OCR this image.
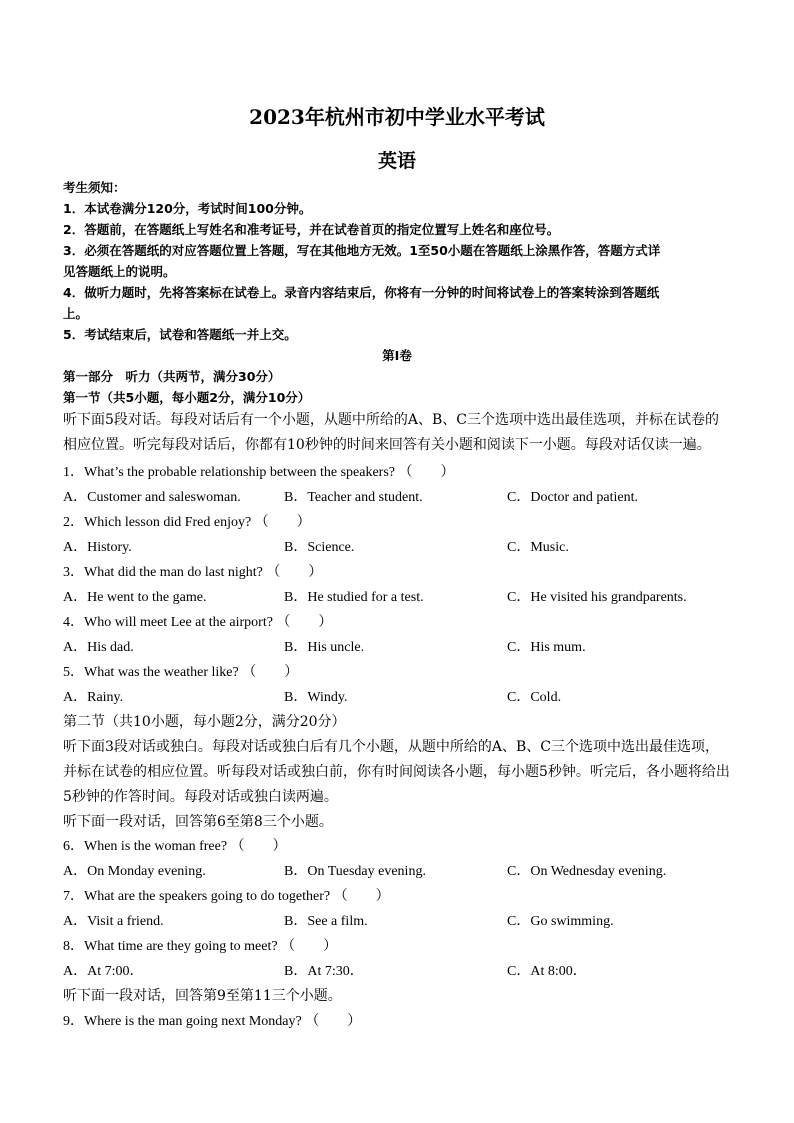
2023年杭州市初中学业水平考试
英语
考生须知：
1．本试卷满分120分，考试时间100分钟。
2．答题前，在答题纸上写姓名和准考证号，并在试卷首页的指定位置写上姓名和座位号。
3．必须在答题纸的对应答题位置上答题，写在其他地方无效。1至50小题在答题纸上涂黑作答，答题方式详
见答题纸上的说明。
4．做听力题时，先将答案标在试卷上。录音内容结束后，你将有一分钟的时间将试卷上的答案转涂到答题纸
上。
5．考试结束后，试卷和答题纸一并上交。
第Ⅰ卷
第一部分　听力（共两节，满分30分）
第一节（共5小题，每小题2分，满分10分）
听下面5段对话。每段对话后有一个小题，从题中所给的A、B、C三个选项中选出最佳选项，并标在试卷的
相应位置。听完每段对话后，你都有10秒钟的时间来回答有关小题和阅读下一小题。每段对话仅读一遍。
1．What’s the probable relationship between the speakers? （　　）
A．Customer and saleswoman.	B．Teacher and student.	C．Doctor and patient.
2．Which lesson did Fred enjoy? （　　）
A．History.	B．Science.	C．Music.
3．What did the man do last night? （　　）
A．He went to the game.	B．He studied for a test.	C．He visited his grandparents.
4．Who will meet Lee at the airport? （　　）
A．His dad.	B．His uncle.	C．His mum.
5．What was the weather like? （　　）
A．Rainy.	B．Windy.	C．Cold.
第二节（共10小题，每小题2分，满分20分）
听下面3段对话或独白。每段对话或独白后有几个小题，从题中所给的A、B、C三个选项中选出最佳选项，
并标在试卷的相应位置。听每段对话或独白前，你有时间阅读各小题，每小题5秒钟。听完后，各小题将给出
5秒钟的作答时间。每段对话或独白读两遍。
听下面一段对话，回答第6至第8三个小题。
6．When is the woman free? （　　）
A．On Monday evening.	B．On Tuesday evening.	C．On Wednesday evening.
7．What are the speakers going to do together? （　　）
A．Visit a friend.	B．See a film.	C．Go swimming.
8．What time are they going to meet? （　　）
A．At 7:00．	B．At 7:30．	C．At 8:00．
听下面一段对话，回答第9至第11三个小题。
9．Where is the man going next Monday? （　　）
